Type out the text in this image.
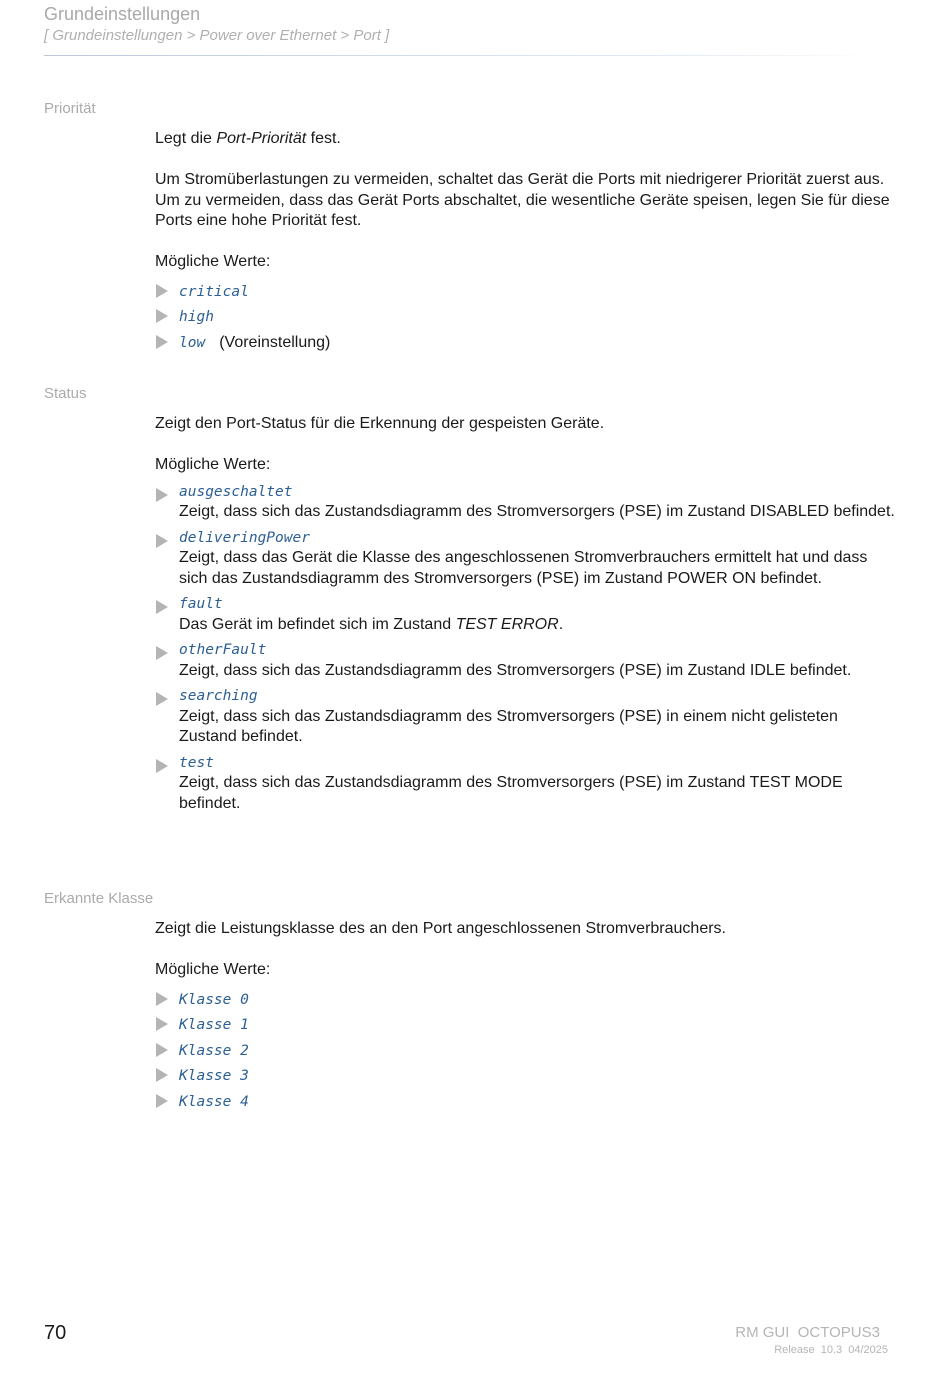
Grundeinstellungen
[ Grundeinstellungen > Power over Ethernet > Port ]
Priorität

Legt die Port-Priorität fest.

Um Stromüberlastungen zu vermeiden, schaltet das Gerät die Ports mit niedrigerer Priorität zuerst aus. Um zu vermeiden, dass das Gerät Ports abschaltet, die wesentliche Geräte speisen, legen Sie für diese Ports eine hohe Priorität fest.

Mögliche Werte:

critical
high
low (Voreinstellung)
Status

Zeigt den Port-Status für die Erkennung der gespeisten Geräte.

Mögliche Werte:

ausgeschaltet
Zeigt, dass sich das Zustandsdiagramm des Stromversorgers (PSE) im Zustand DISABLED befindet.
deliveringPower
Zeigt, dass das Gerät die Klasse des angeschlossenen Stromverbrauchers ermittelt hat und dass sich das Zustandsdiagramm des Stromversorgers (PSE) im Zustand POWER ON befindet.
fault
Das Gerät im befindet sich im Zustand TEST ERROR.
otherFault
Zeigt, dass sich das Zustandsdiagramm des Stromversorgers (PSE) im Zustand IDLE befindet.
searching
Zeigt, dass sich das Zustandsdiagramm des Stromversorgers (PSE) in einem nicht gelisteten Zustand befindet.
test
Zeigt, dass sich das Zustandsdiagramm des Stromversorgers (PSE) im Zustand TEST MODE befindet.
Erkannte Klasse

Zeigt die Leistungsklasse des an den Port angeschlossenen Stromverbrauchers.

Mögliche Werte:

Klasse 0
Klasse 1
Klasse 2
Klasse 3
Klasse 4
70	RM GUI  OCTOPUS3
Release  10.3  04/2025
